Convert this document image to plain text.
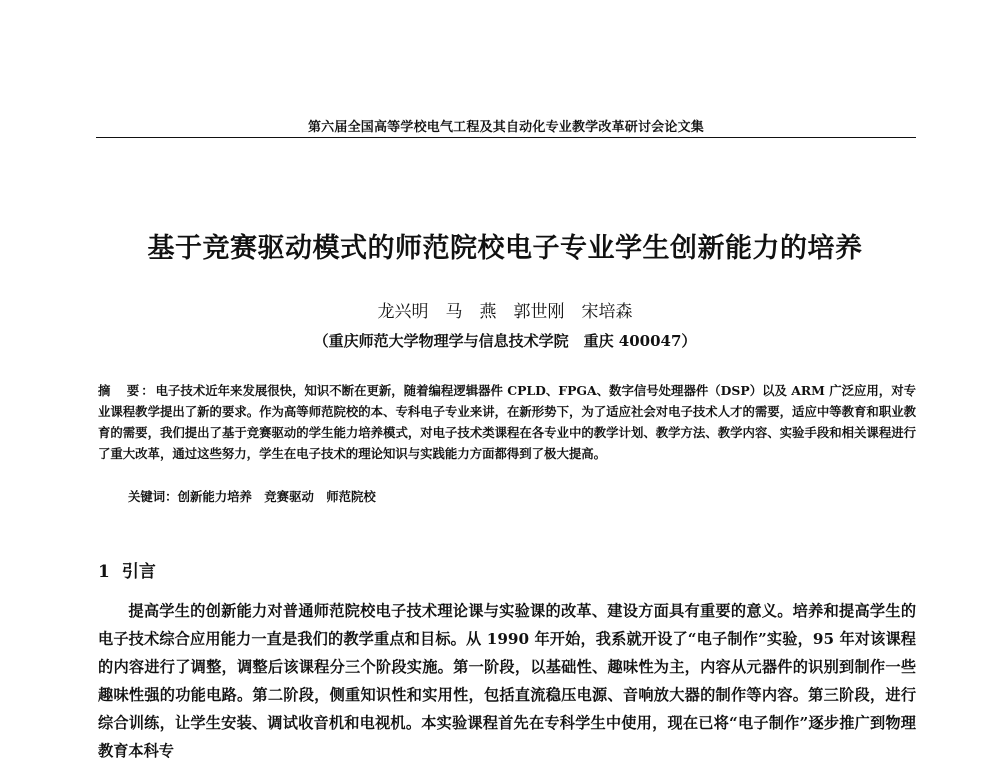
第六届全国高等学校电气工程及其自动化专业教学改革研讨会论文集
基于竞赛驱动模式的师范院校电子专业学生创新能力的培养
龙兴明　马　燕　郭世刚　宋培森
（重庆师范大学物理学与信息技术学院　重庆 400047）

摘　要：电子技术近年来发展很快，知识不断在更新，随着编程逻辑器件 CPLD、FPGA、数字信号处理器件（DSP）以及 ARM 广泛应用，对专业课程教学提出了新的要求。作为高等师范院校的本、专科电子专业来讲，在新形势下，为了适应社会对电子技术人才的需要，适应中等教育和职业教育的需要，我们提出了基于竞赛驱动的学生能力培养模式，对电子技术类课程在各专业中的教学计划、教学方法、教学内容、实验手段和相关课程进行了重大改革，通过这些努力，学生在电子技术的理论知识与实践能力方面都得到了极大提高。

关键词：创新能力培养　竞赛驱动　师范院校
1 引言

提高学生的创新能力对普通师范院校电子技术理论课与实验课的改革、建设方面具有重要的意义。培养和提高学生的电子技术综合应用能力一直是我们的教学重点和目标。从 1990 年开始，我系就开设了“电子制作”实验，95 年对该课程的内容进行了调整，调整后该课程分三个阶段实施。第一阶段，以基础性、趣味性为主，内容从元器件的识别到制作一些趣味性强的功能电路。第二阶段，侧重知识性和实用性，包括直流稳压电源、音响放大器的制作等内容。第三阶段，进行综合训练，让学生安装、调试收音机和电视机。本实验课程首先在专科学生中使用，现在已将“电子制作”逐步推广到物理教育本科专
